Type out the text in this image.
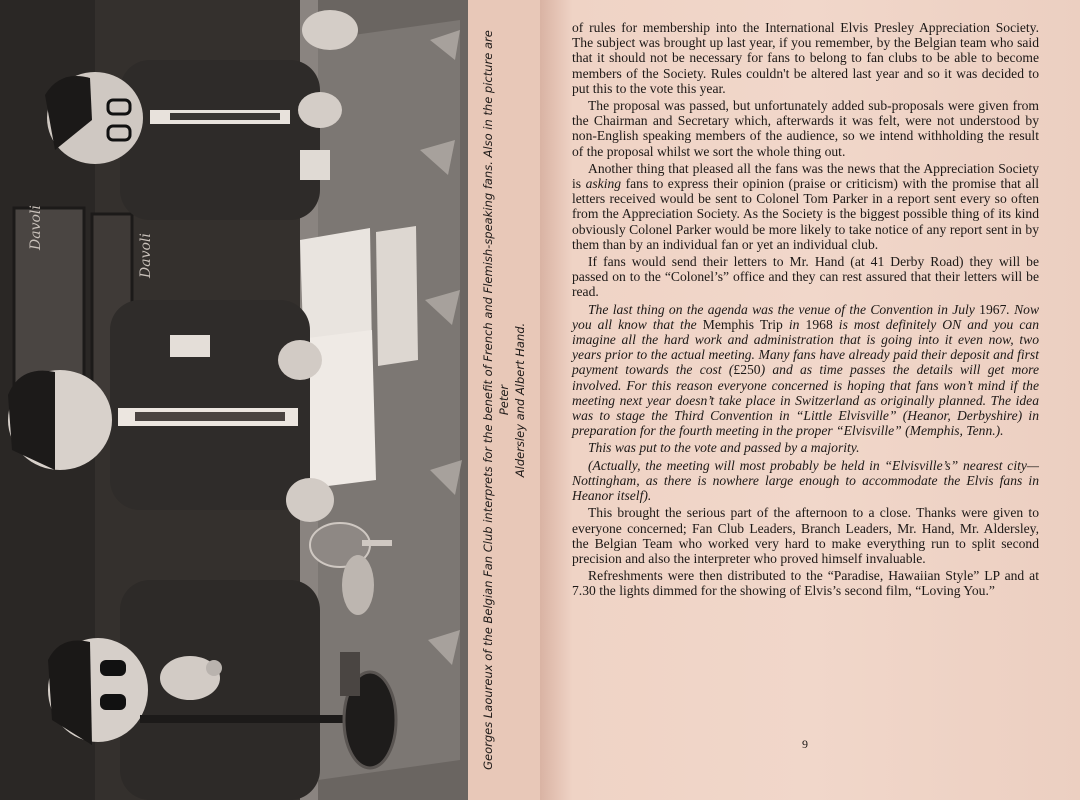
Davoli
Davoli	Georges Laoureux of the Belgian Fan Club interprets for the benefit of French and Flemish-speaking fans. Also in the picture are Peter Aldersley and Albert Hand.

of rules for membership into the International Elvis Presley Appreciation Society. The subject was brought up last year, if you remember, by the Belgian team who said that it should not be necessary for fans to belong to fan clubs to be able to become members of the Society. Rules couldn't be altered last year and so it was decided to put this to the vote this year.

The proposal was passed, but unfortunately added sub-proposals were given from the Chairman and Secretary which, afterwards it was felt, were not understood by non-English speaking members of the audience, so we intend withholding the result of the proposal whilst we sort the whole thing out.

Another thing that pleased all the fans was the news that the Appreciation Society is asking fans to express their opinion (praise or criticism) with the promise that all letters received would be sent to Colonel Tom Parker in a report sent every so often from the Appreciation Society. As the Society is the biggest possible thing of its kind obviously Colonel Parker would be more likely to take notice of any report sent in by them than by an individual fan or yet an individual club.

If fans would send their letters to Mr. Hand (at 41 Derby Road) they will be passed on to the “Colonel’s” office and they can rest assured that their letters will be read.

The last thing on the agenda was the venue of the Convention in July 1967. Now you all know that the Memphis Trip in 1968 is most definitely ON and you can imagine all the hard work and administration that is going into it even now, two years prior to the actual meeting. Many fans have already paid their deposit and first payment towards the cost (£250) and as time passes the details will get more involved. For this reason everyone concerned is hoping that fans won’t mind if the meeting next year doesn’t take place in Switzerland as originally planned. The idea was to stage the Third Convention in “Little Elvisville” (Heanor, Derbyshire) in preparation for the fourth meeting in the proper “Elvisville” (Memphis, Tenn.).

This was put to the vote and passed by a majority.

(Actually, the meeting will most probably be held in “Elvisville’s” nearest city—Nottingham, as there is nowhere large enough to accommodate the Elvis fans in Heanor itself).

This brought the serious part of the afternoon to a close. Thanks were given to everyone concerned; Fan Club Leaders, Branch Leaders, Mr. Hand, Mr. Aldersley, the Belgian Team who worked very hard to make everything run to split second precision and also the interpreter who proved himself invaluable.

Refreshments were then distributed to the “Paradise, Hawaiian Style” LP and at 7.30 the lights dimmed for the showing of Elvis’s second film, “Loving You.”

9
